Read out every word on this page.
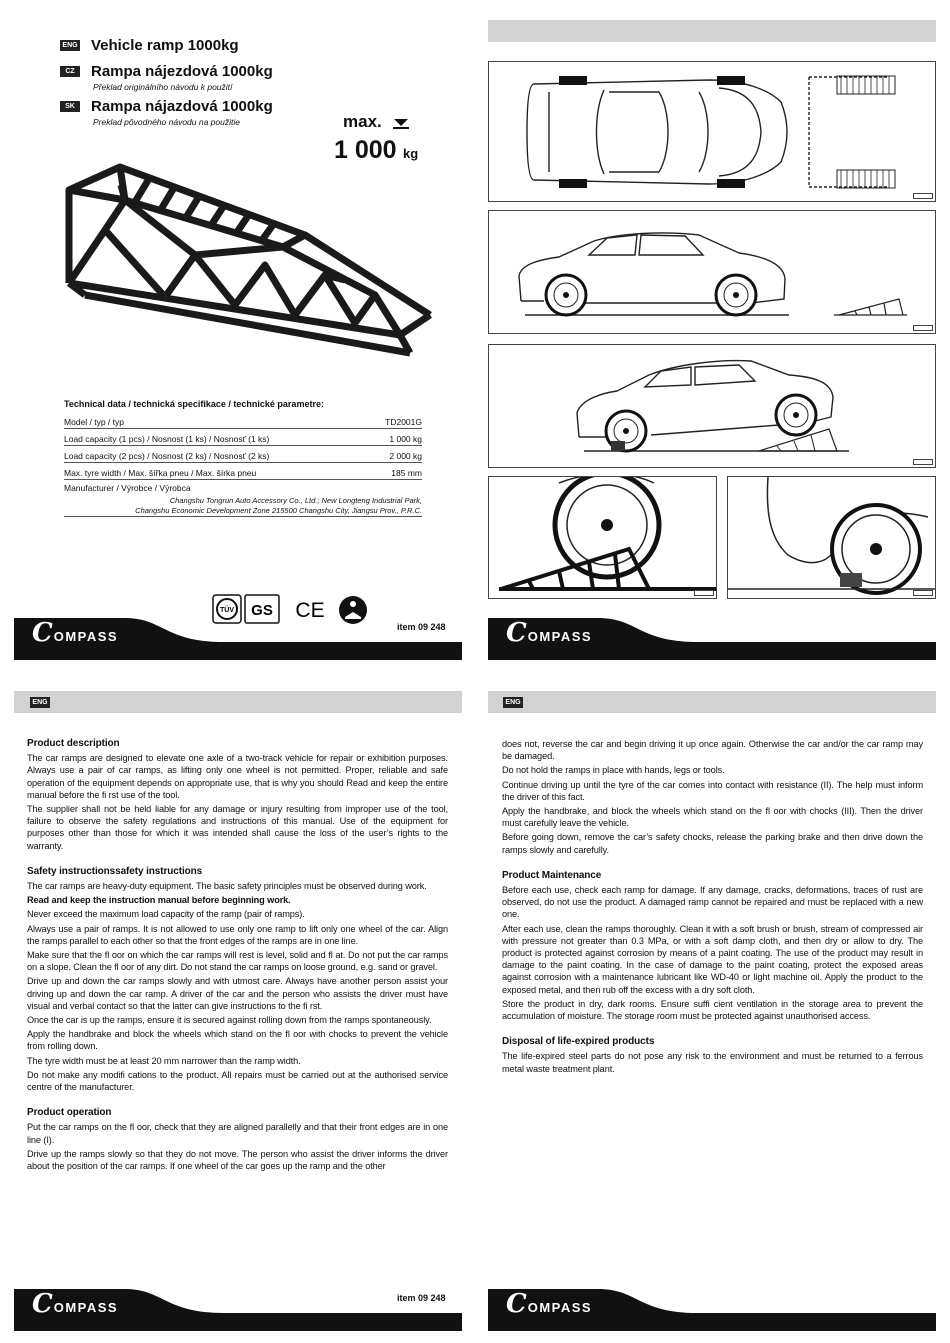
ENG Vehicle ramp 1000kg
CZ	Rampa nájezdová 1000kg
Překlad originálního návodu k použití
SK	Rampa nájazdová 1000kg
Preklad pôvodného návodu na použitie	max.
1 000 kg
Technical data / technická specifikace / technické parametre:
Model / typ / typ	TD2001G
Load capacity (1 pcs) / Nosnost (1 ks) / Nosnosť (1 ks)	1 000 kg
Load capacity (2 pcs) / Nosnost (2 ks) / Nosnosť (2 ks)	2 000 kg
Max. tyre width / Max. šířka pneu / Max. šírka pneu	185 mm
Manufacturer / Výrobce / Výrobca
Changshu Tongrun Auto Accessory Co., Ltd.; New Longteng Industrial Park,
Changshu Economic Development Zone 215500 Changshu City, Jiangsu Prov., P.R.C.
TÜV GS CE
item 09 248
COMPASS	COMPASS
ENG
Product description

The car ramps are designed to elevate one axle of a two-track vehicle for repair or exhibition purposes. Always use a pair of car ramps, as lifting only one wheel is not permitted. Proper, reliable and safe operation of the equipment depends on appropriate use, that is why you should Read and keep the entire manual before the fi rst use of the tool.

The supplier shall not be held liable for any damage or injury resulting from improper use of the tool, failure to observe the safety regulations and instructions of this manual. Use of the equipment for purposes other than those for which it was intended shall cause the loss of the user’s rights to the warranty.

Safety instructionssafety instructions

The car ramps are heavy-duty equipment. The basic safety principles must be observed during work.

Read and keep the instruction manual before beginning work.

Never exceed the maximum load capacity of the ramp (pair of ramps).

Always use a pair of ramps. It is not allowed to use only one ramp to lift only one wheel of the car. Align the ramps parallel to each other so that the front edges of the ramps are in one line.

Make sure that the fl oor on which the car ramps will rest is level, solid and fl at. Do not put the car ramps on a slope. Clean the fl oor of any dirt. Do not stand the car ramps on loose ground, e.g. sand or gravel.

Drive up and down the car ramps slowly and with utmost care. Always have another person assist your driving up and down the car ramp. A driver of the car and the person who assists the driver must have visual and verbal contact so that the latter can give instructions to the fi rst.

Once the car is up the ramps, ensure it is secured against rolling down from the ramps spontaneously.

Apply the handbrake and block the wheels which stand on the fl oor with chocks to prevent the vehicle from rolling down.

The tyre width must be at least 20 mm narrower than the ramp width.

Do not make any modifi cations to the product. All repairs must be carried out at the authorised service centre of the manufacturer.

Product operation

Put the car ramps on the fl oor, check that they are aligned parallelly and that their front edges are in one line (I).

Drive up the ramps slowly so that they do not move. The person who assist the driver informs the driver about the position of the car ramps. If one wheel of the car goes up the ramp and the other

item 09 248
COMPASS
ENG

does not, reverse the car and begin driving it up once again. Otherwise the car and/or the car ramp may be damaged.

Do not hold the ramps in place with hands, legs or tools.

Continue driving up until the tyre of the car comes into contact with resistance (II). The help must inform the driver of this fact.

Apply the handbrake, and block the wheels which stand on the fl oor with chocks (III). Then the driver must carefully leave the vehicle.

Before going down, remove the car’s safety chocks, release the parking brake and then drive down the ramps slowly and carefully.

Product Maintenance

Before each use, check each ramp for damage. If any damage, cracks, deformations, traces of rust are observed, do not use the product. A damaged ramp cannot be repaired and must be replaced with a new one.

After each use, clean the ramps thoroughly. Clean it with a soft brush or brush, stream of compressed air with pressure not greater than 0.3 MPa, or with a soft damp cloth, and then dry or allow to dry. The product is protected against corrosion by means of a paint coating. The use of the product may result in damage to the paint coating. In the case of damage to the paint coating, protect the exposed areas against corrosion with a maintenance lubricant like WD-40 or light machine oil. Apply the product to the exposed metal, and then rub off the excess with a dry soft cloth.

Store the product in dry, dark rooms. Ensure suffi cient ventilation in the storage area to prevent the accumulation of moisture. The storage room must be protected against unauthorised access.

Disposal of life-expired products

The life-expired steel parts do not pose any risk to the environment and must be returned to a ferrous metal waste treatment plant.

COMPASS
